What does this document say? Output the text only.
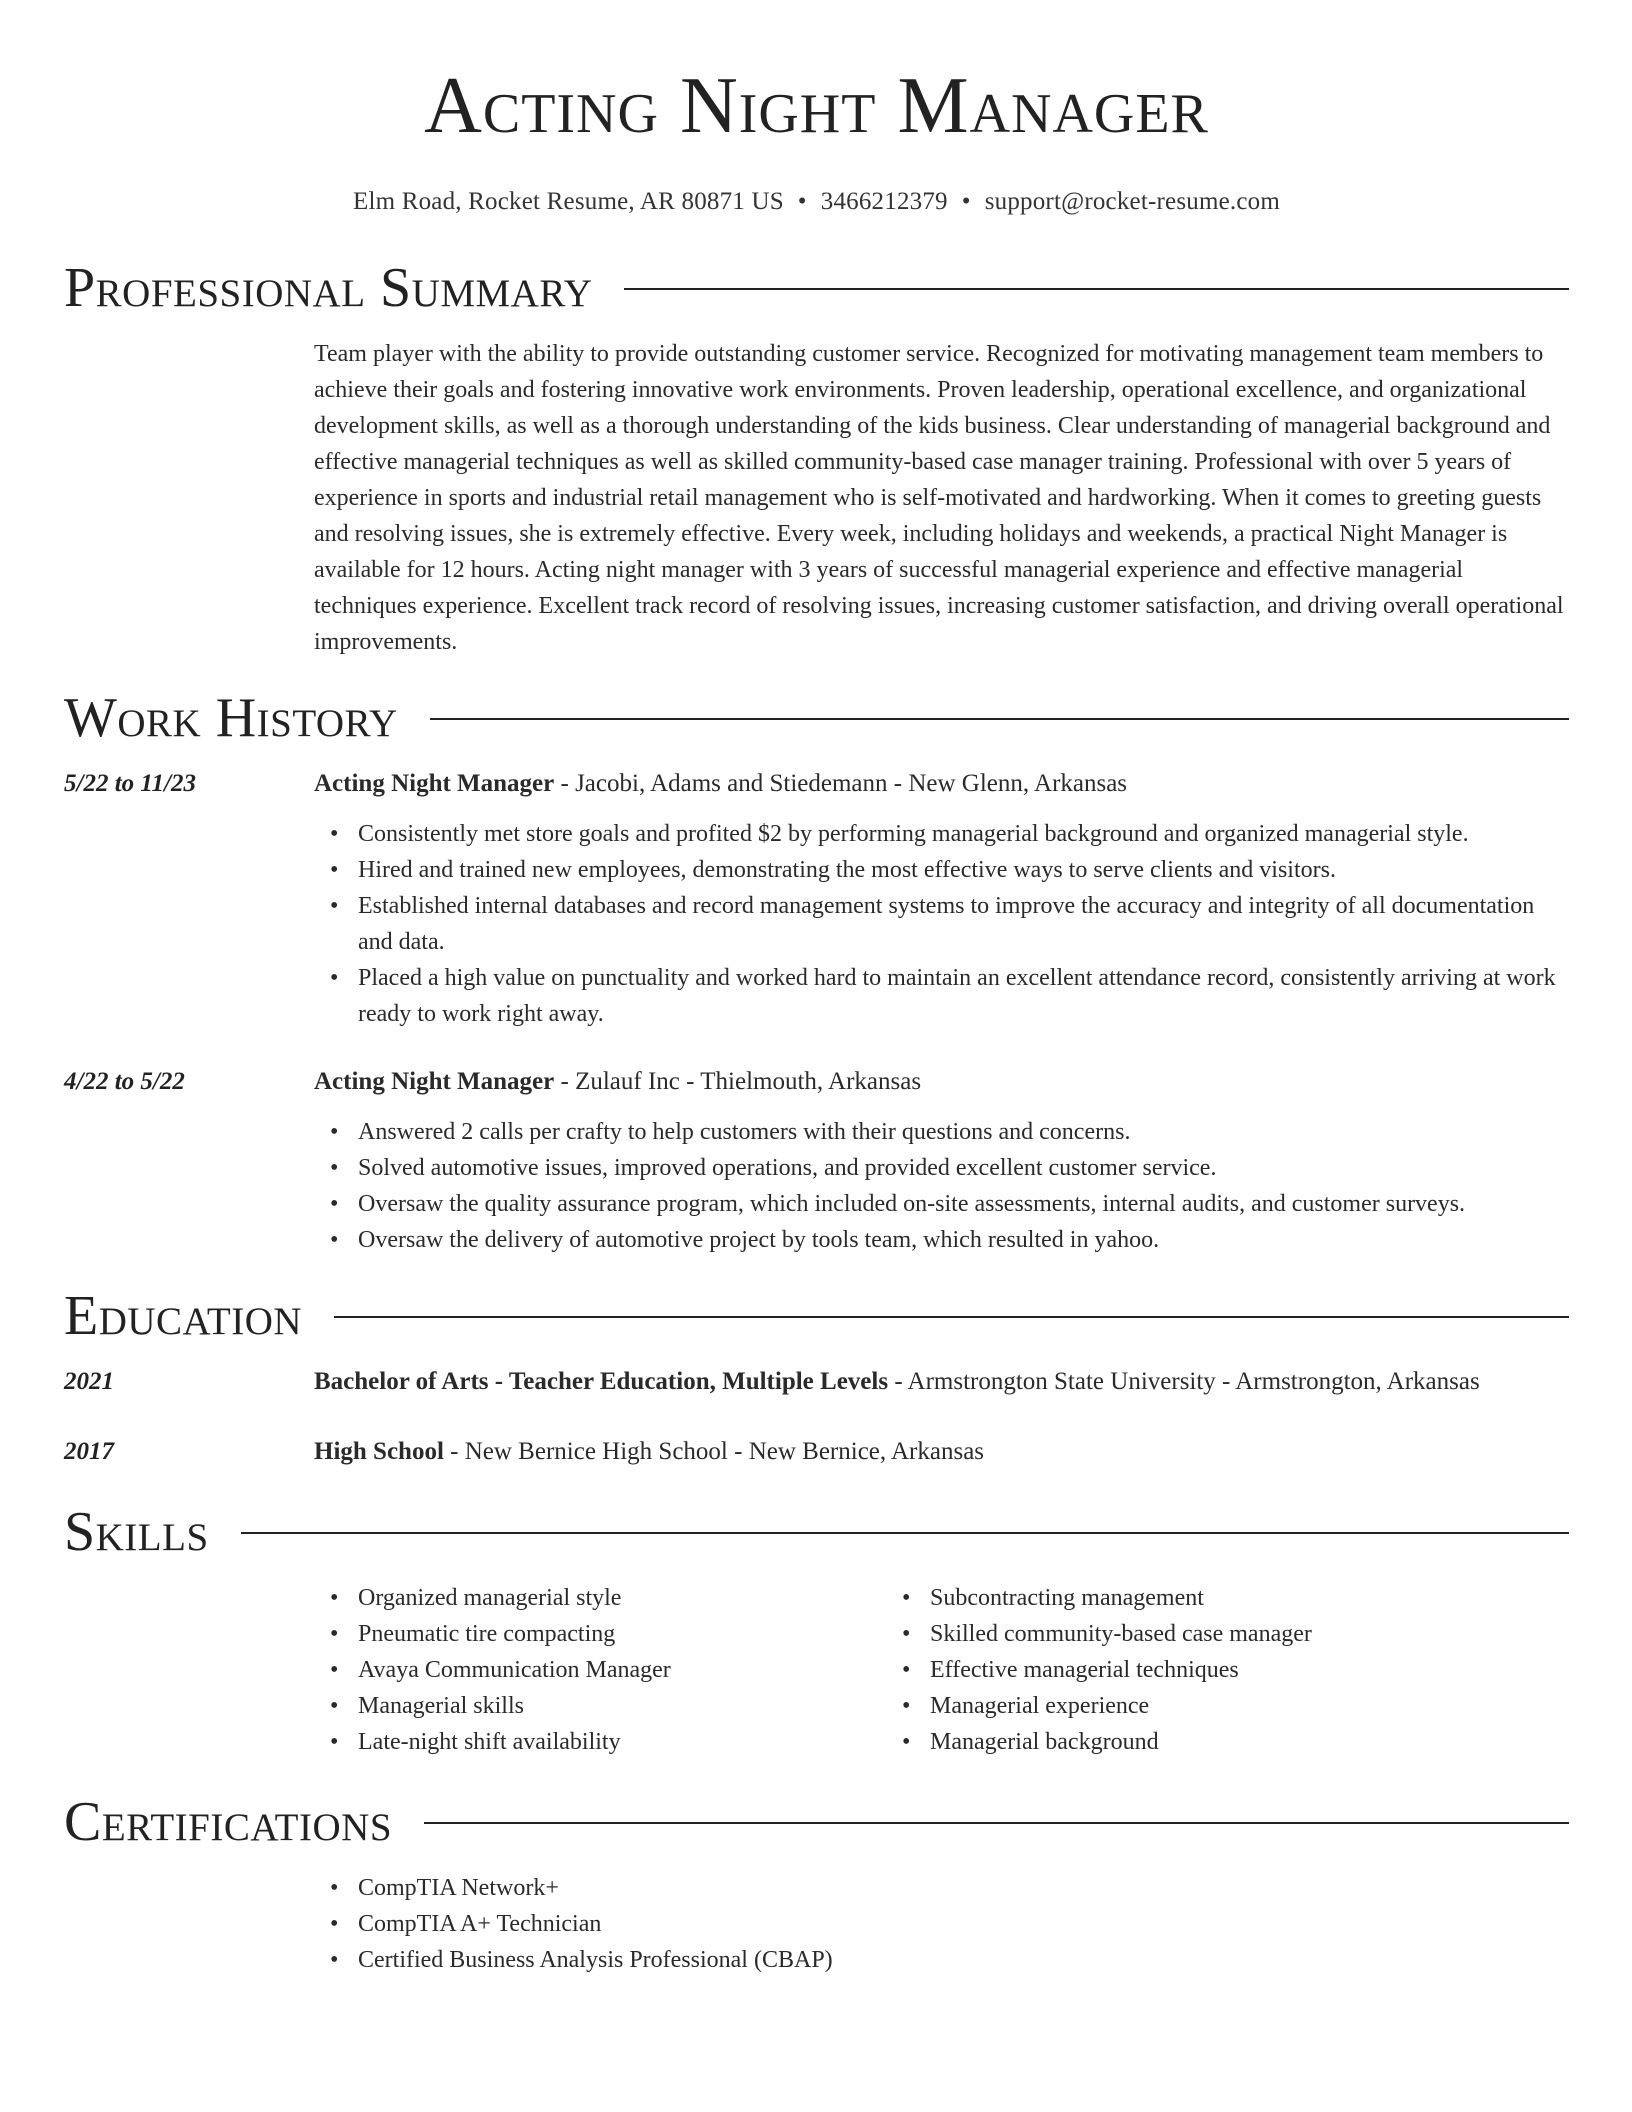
Acting Night Manager
Elm Road, Rocket Resume, AR 80871 US • 3466212379 • support@rocket-resume.com
Professional Summary

Team player with the ability to provide outstanding customer service. Recognized for motivating management team members to achieve their goals and fostering innovative work environments. Proven leadership, operational excellence, and organizational development skills, as well as a thorough understanding of the kids business. Clear understanding of managerial background and effective managerial techniques as well as skilled community-based case manager training. Professional with over 5 years of experience in sports and industrial retail management who is self-motivated and hardworking. When it comes to greeting guests and resolving issues, she is extremely effective. Every week, including holidays and weekends, a practical Night Manager is available for 12 hours. Acting night manager with 3 years of successful managerial experience and effective managerial techniques experience. Excellent track record of resolving issues, increasing customer satisfaction, and driving overall operational improvements.

Work History
5/22 to 11/23	Acting Night Manager - Jacobi, Adams and Stiedemann - New Glenn, Arkansas
• Consistently met store goals and profited $2 by performing managerial background and organized managerial style.
• Hired and trained new employees, demonstrating the most effective ways to serve clients and visitors.
• Established internal databases and record management systems to improve the accuracy and integrity of all documentation and data.
• Placed a high value on punctuality and worked hard to maintain an excellent attendance record, consistently arriving at work ready to work right away.
4/22 to 5/22	Acting Night Manager - Zulauf Inc - Thielmouth, Arkansas
• Answered 2 calls per crafty to help customers with their questions and concerns.
• Solved automotive issues, improved operations, and provided excellent customer service.
• Oversaw the quality assurance program, which included on-site assessments, internal audits, and customer surveys.
• Oversaw the delivery of automotive project by tools team, which resulted in yahoo.
Education
2021	Bachelor of Arts - Teacher Education, Multiple Levels - Armstrongton State University - Armstrongton, Arkansas
2017	High School - New Bernice High School - New Bernice, Arkansas
Skills
• Organized managerial style
• Pneumatic tire compacting
• Avaya Communication Manager
• Managerial skills
• Late-night shift availability
• Subcontracting management
• Skilled community-based case manager
• Effective managerial techniques
• Managerial experience
• Managerial background
Certifications
• CompTIA Network+
• CompTIA A+ Technician
• Certified Business Analysis Professional (CBAP)
